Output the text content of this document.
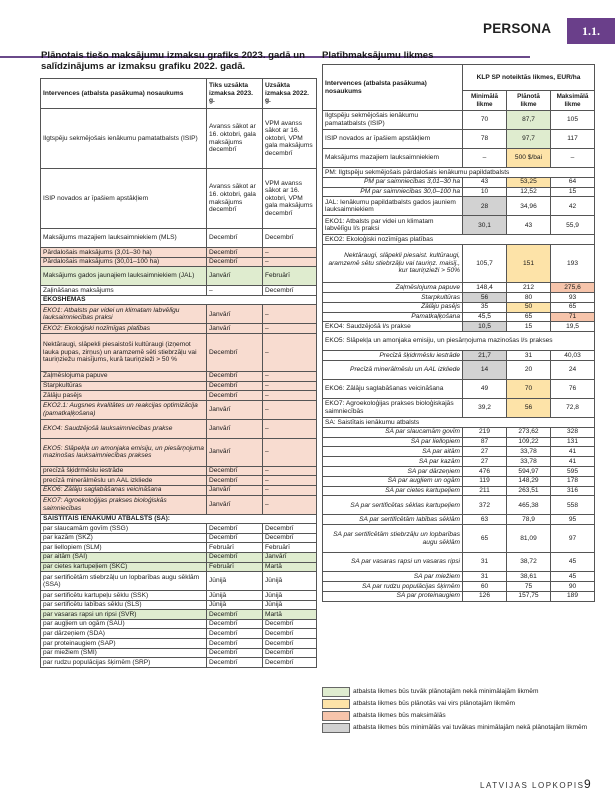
PERSONA	1.1.
Plānotais tiešo maksājumu izmaksu grafiks 2023. gadā un salīdzinājums ar izmaksu grafiku 2022. gadā.
Platībmaksājumu likmes
Intervences (atbalsta pasākuma) nosaukums	Tiks uzsākta izmaksa 2023. g.	Uzsākta izmaksa 2022. g.
Ilgtspēju sekmējošais ienākumu pamatatbalsts (ISIP)	Avanss sākot ar 16. oktobri, gala maksājums decembrī	VPM avanss sākot ar 16. oktobri, VPM gala maksājums decembrī
ISIP novados ar īpašiem apstākļiem	Avanss sākot ar 16. oktobri, gala maksājums decembrī	VPM avanss sākot ar 16. oktobri, VPM gala maksājums decembrī
Maksājums mazajiem lauksaimniekiem (MLS)	Decembrī	Decembrī
Pārdalošais maksājums (3,01–30 ha)	Decembrī	–
Pārdalošais maksājums (30,01–100 ha)	Decembrī	–
Maksājums gados jaunajiem lauksaimniekiem (JAL)	Janvārī	Februārī
Zaļināšanas maksājums	–	Decembrī
EKOSHĒMAS		
EKO1: Atbalsts par videi un klimatam labvēlīgu lauksaimniecības praksi	Janvārī	–
EKO2: Ekoloģiski nozīmīgas platības	Janvārī	–
Nektāraugi, slāpekli piesaistoši kultūraugi (izņemot lauka pupas, zirņus) un aramzemē sēti stiebrzāļu vai tauriņziežu maisījums, kurā tauriņzieži > 50 %	Decembrī	–
Zaļmēslojuma papuve	Decembrī	–
Starpkultūras	Decembrī	–
Zālāju pasējs	Decembrī	–
EKO2.1: Augsnes kvalitātes un reakcijas optimizācija (pamatkaļķošana)	Janvārī	–
EKO4: Saudzējošā lauksaimniecības prakse	Janvārī	–
EKO5: Slāpekļa un amonjaka emisiju, un piesārņojuma mazinošas lauksaimniecības prakses	Janvārī	–
precīzā šķidrmēslu iestrāde	Decembrī	–
precīzā minerālmēslu un AAL izkliede	Decembrī	–
EKO6: Zālāju saglabāšanas veicināšana	Janvārī	–
EKO7: Agroekoloģijas prakses bioloģiskās saimniecības	Janvārī	–
SAISTĪTAIS IENĀKUMU ATBALSTS (SA):		
par slaucamām govīm (SSG)	Decembrī	Decembrī
par kazām (SKZ)	Decembrī	Decembrī
par liellopiem (SLM)	Februārī	Februārī
par aitām (SAI)	Decembrī	Janvārī
par cietes kartupeļiem (SKC)	Februārī	Martā
par sertificētām stiebrzāļu un lopbarības augu sēklām (SSA)	Jūnijā	Jūnijā
par sertificētu kartupeļu sēklu (SSK)	Jūnijā	Jūnijā
par sertificētu labības sēklu (SLS)	Jūnijā	Jūnijā
par vasaras rapsi un ripsi (SVR)	Decembrī	Martā
par augļiem un ogām (SAU)	Decembrī	Decembrī
par dārzeņiem (SDA)	Decembrī	Decembrī
par proteinaugiem (SAP)	Decembrī	Decembrī
par miežiem (SMI)	Decembrī	Decembrī
par rudzu populācijas šķirnēm (SRP)	Decembrī	Decembrī
Intervences (atbalsta pasākuma) nosaukums	KLP SP noteiktās likmes, EUR/ha		
	Minimālā likme	Plānotā likme	Maksimālā likme
Ilgtspēju sekmējošais ienākumu pamatatbalsts (ISIP)	70	87,7	105
ISIP novados ar īpašiem apstākļiem	78	97,7	117
Maksājums mazajiem lauksaimniekiem	–	500 $/bai	–
PM: Ilgtspēju sekmējošais pārdalošais ienākumu papildatbalsts			
PM par saimniecības 3,01–30 ha	43	53,25	64
PM par saimniecības 30,0–100 ha	10	12,52	15
JAL: Ienākumu papildatbalsts gados jauniem lauksaimniekiem	28	34,96	42
EKO1: Atbalsts par videi un klimatam labvēlīgu l/s praksi	30,1	43	55,9
EKO2: Ekoloģiski nozīmīgas platības			
Nektāraugi, slāpekli piesaist. kultūraugi, aramzemē sētu stiebrzāļu vai tauriņz. maisīj., kur tauriņzieži > 50%	105,7	151	193
Zaļmēslojuma papuve	148,4	212	275,6
Starpkultūras	56	80	93
Zālāju pasējs	35	50	65
Pamatkaļķošana	45,5	65	71
EKO4: Saudzējošā l/s prakse	10,5	15	19,5
EKO5: Slāpekļa un amonjaka emisiju, un piesārņojuma mazinošas l/s prakses			
Precīzā šķidrmēslu iestrāde	21,7	31	40,03
Precīzā minerālmēslu un AAL izkliede	14	20	24
EKO6: Zālāju saglabāšanas veicināšana	49	70	76
EKO7: Agroekoloģijas prakses bioloģiskajās saimniecībās	39,2	56	72,8
SA: Saistītais ienākumu atbalsts			
SA par slaucamām govīm	219	273,62	328
SA par liellopiem	87	109,22	131
SA par aitām	27	33,78	41
SA par kazām	27	33,78	41
SA par dārzeņiem	476	594,97	595
SA par augļiem un ogām	119	148,29	178
SA par cietes kartupeļiem	211	263,51	316
SA par sertificētas sēklas kartupeļiem	372	465,38	558
SA par sertificētām labības sēklām	63	78,9	95
SA par sertificētām stiebrzāļu un lopbarības augu sēklām	65	81,09	97
SA par vasaras rapsi un vasaras ripsi	31	38,72	45
SA par miežiem	31	38,61	45
SA par rudzu populācijas šķirnēm	60	75	90
SA par proteinaugiem	126	157,75	189
atbalsta likmes būs tuvāk plānotajām nekā minimālajām likmēm
atbalsta likmes būs plānotās vai virs plānotajām likmēm
atbalsta likmes būs maksimālās
atbalsta likmes būs minimālās vai tuvākas minimālajām nekā plānotajām likmēm
LATVIJAS LOPKOPIS 9
